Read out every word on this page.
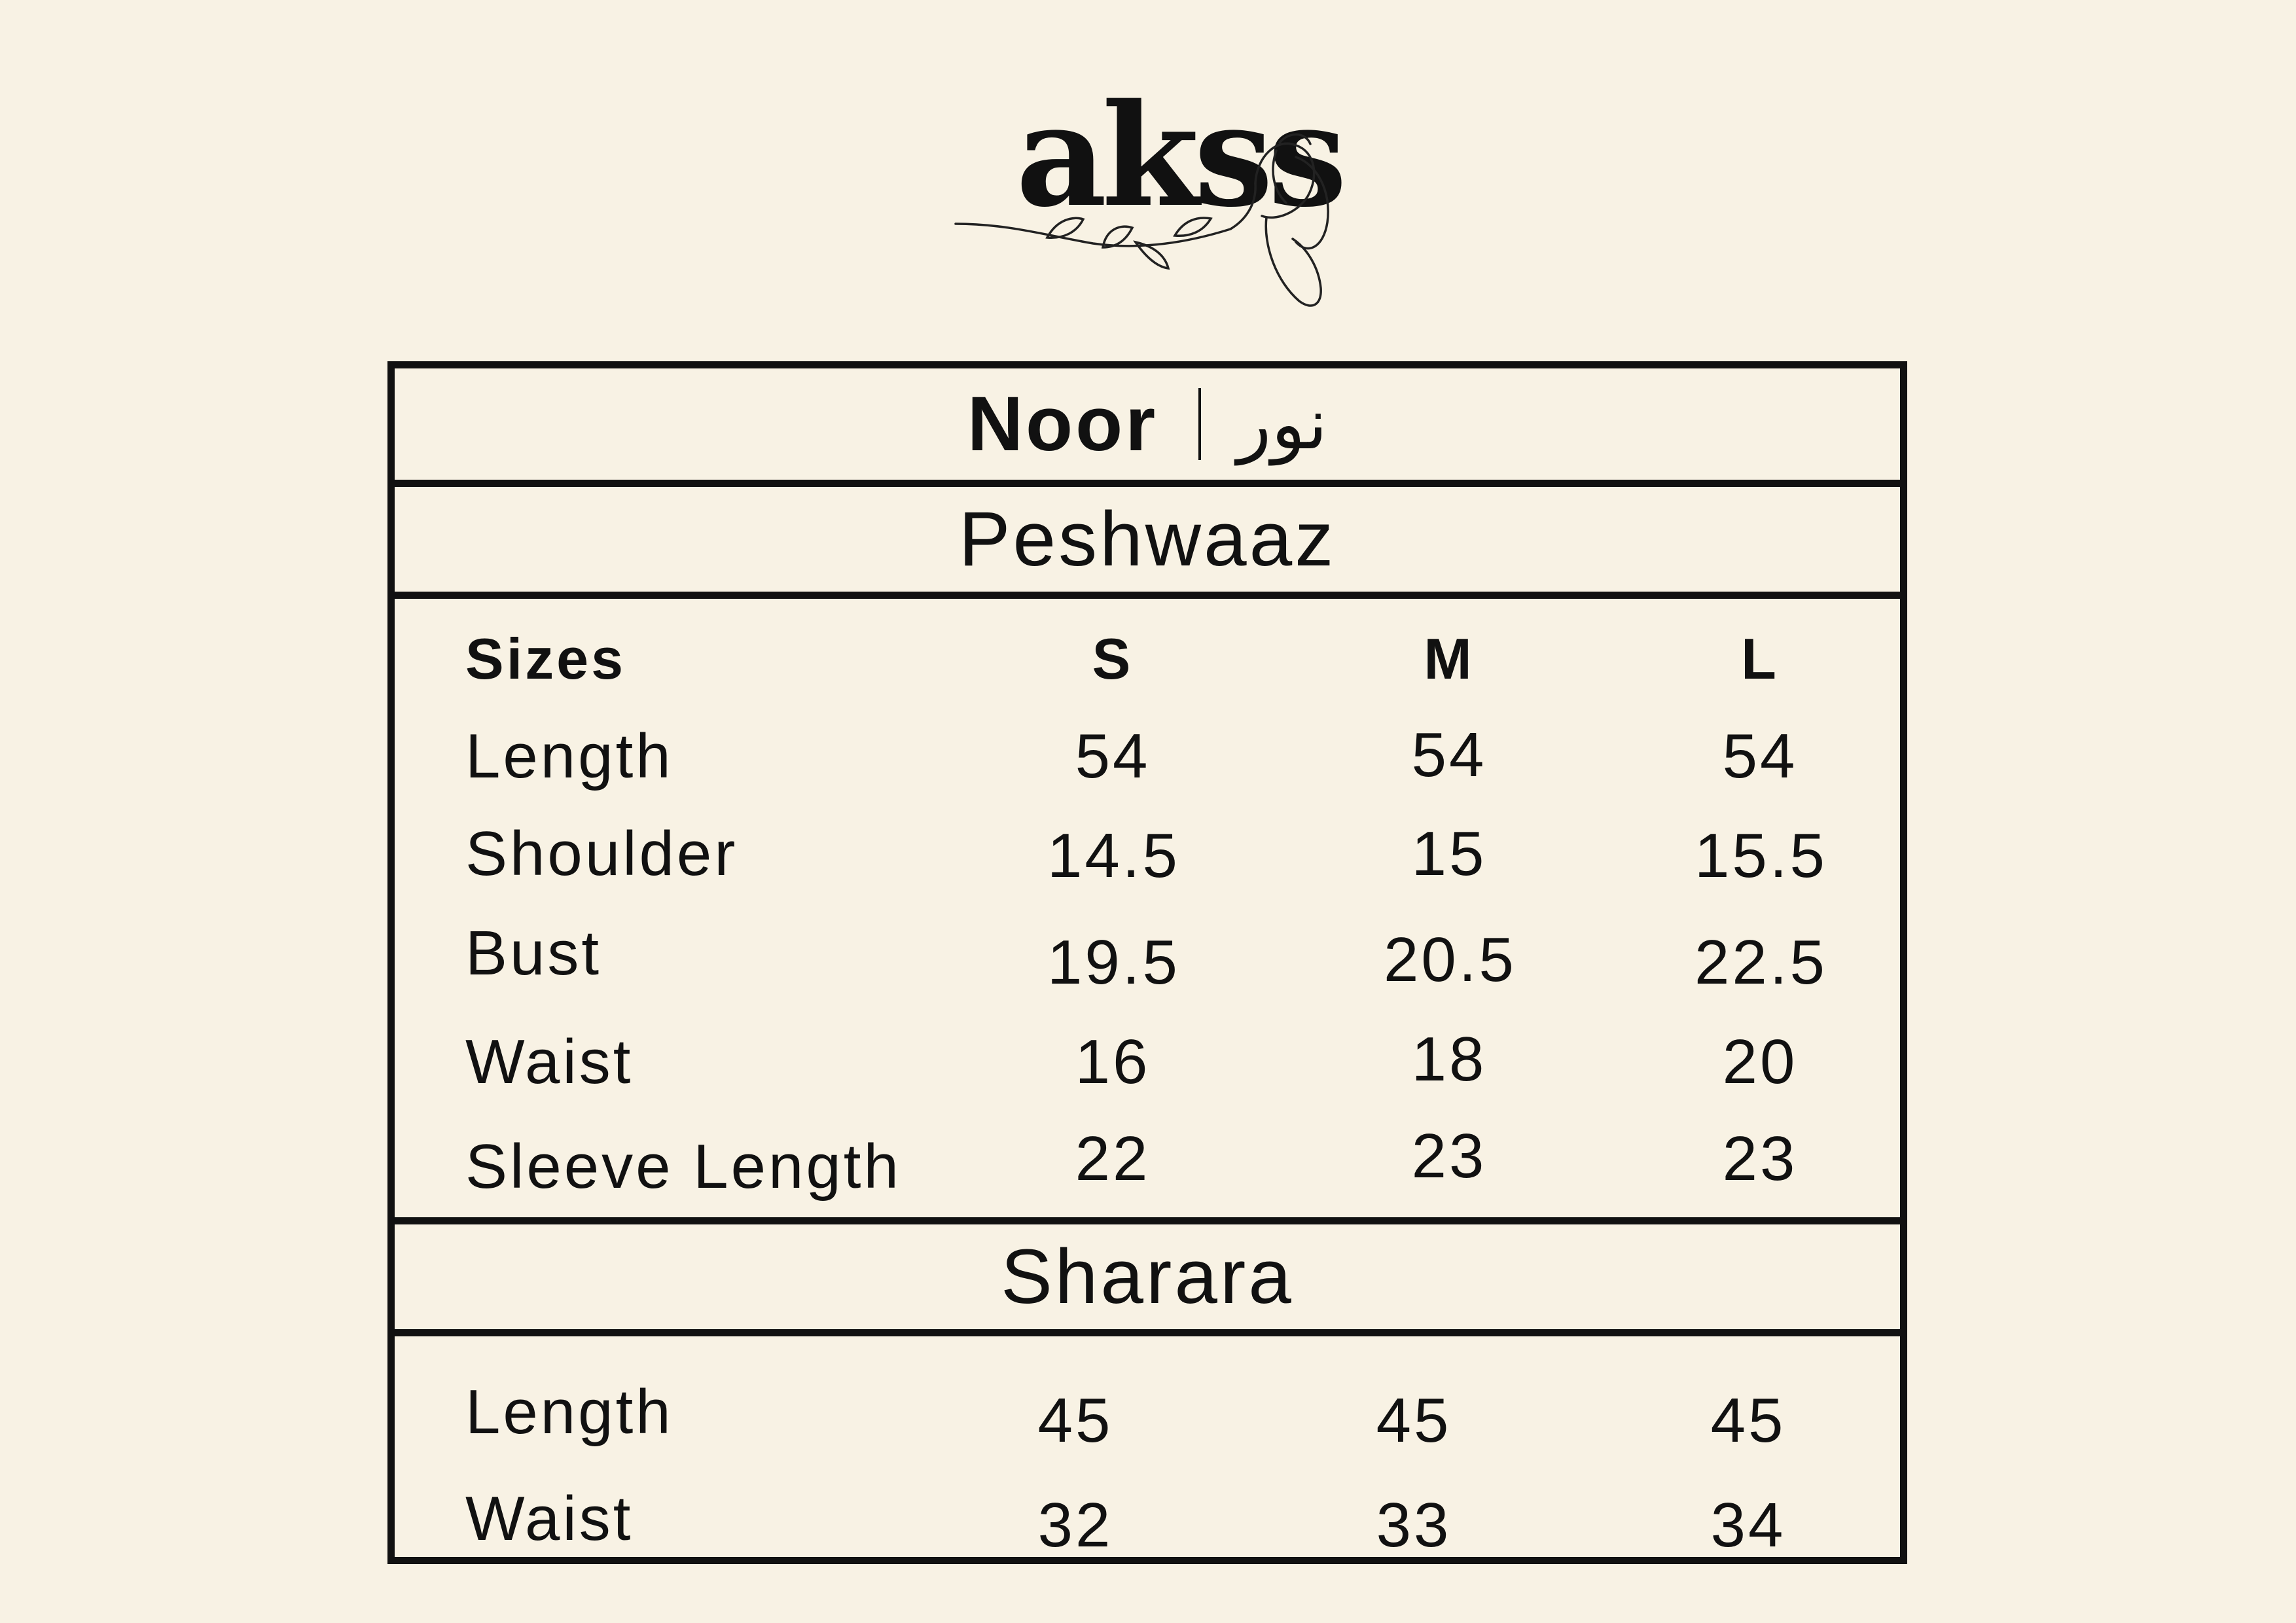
akss
Noor نور
Peshwaaz
Sizes	S	M	L
Length	54	54	54
Shoulder	14.5	15	15.5
Bust	19.5	20.5	22.5
Waist	16	18	20
Sleeve Length	22	23	23
Sharara
Length	45	45	45
Waist	32	33	34
